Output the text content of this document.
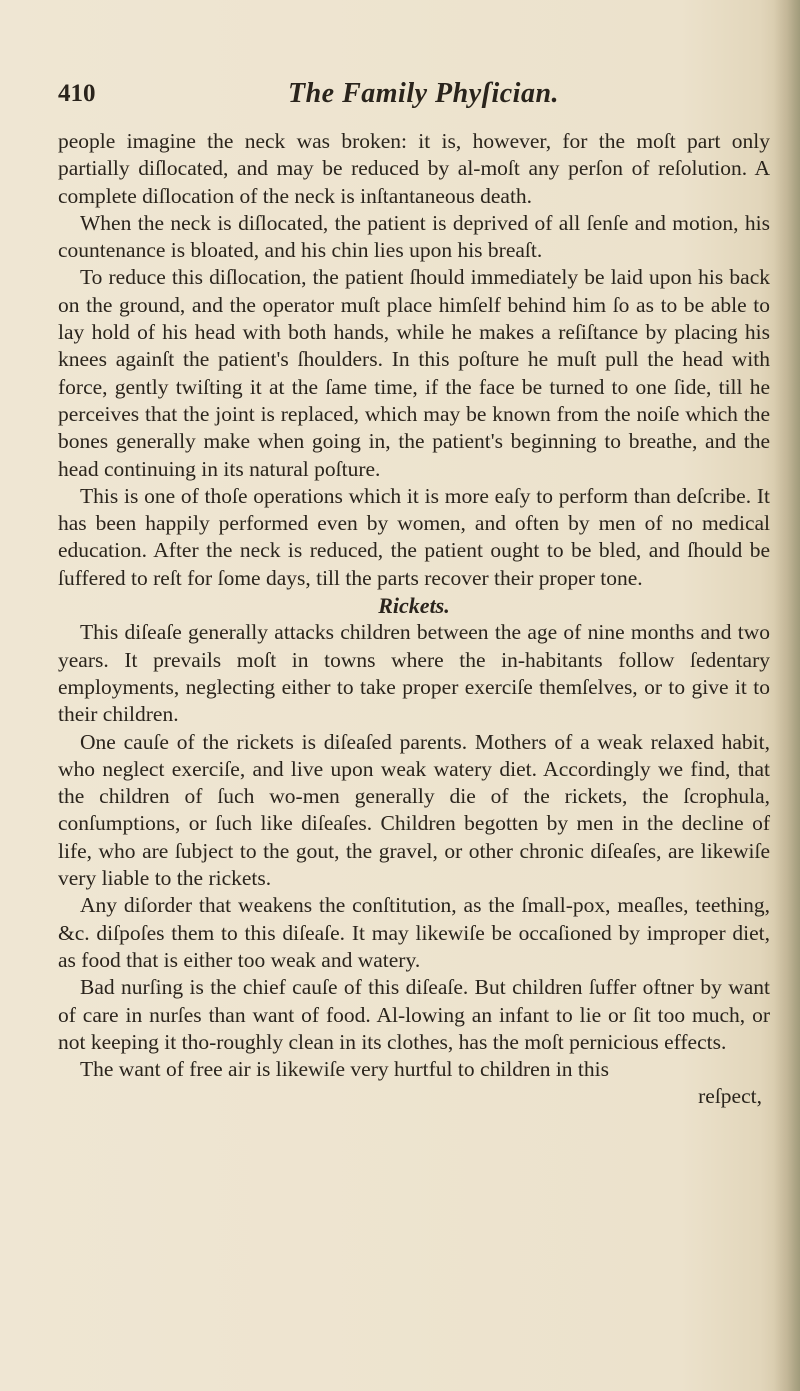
410	The Family Phyſician.

people imagine the neck was broken: it is, however, for the moſt part only partially diſlocated, and may be reduced by al-moſt any perſon of reſolution. A complete diſlocation of the neck is inſtantaneous death.

When the neck is diſlocated, the patient is deprived of all ſenſe and motion, his countenance is bloated, and his chin lies upon his breaſt.

To reduce this diſlocation, the patient ſhould immediately be laid upon his back on the ground, and the operator muſt place himſelf behind him ſo as to be able to lay hold of his head with both hands, while he makes a reſiſtance by placing his knees againſt the patient's ſhoulders. In this poſture he muſt pull the head with force, gently twiſting it at the ſame time, if the face be turned to one ſide, till he perceives that the joint is replaced, which may be known from the noiſe which the bones generally make when going in, the patient's beginning to breathe, and the head continuing in its natural poſture.

This is one of thoſe operations which it is more eaſy to perform than deſcribe. It has been happily performed even by women, and often by men of no medical education. After the neck is reduced, the patient ought to be bled, and ſhould be ſuffered to reſt for ſome days, till the parts recover their proper tone.

Rickets.

This diſeaſe generally attacks children between the age of nine months and two years. It prevails moſt in towns where the in-habitants follow ſedentary employments, neglecting either to take proper exerciſe themſelves, or to give it to their children.

One cauſe of the rickets is diſeaſed parents. Mothers of a weak relaxed habit, who neglect exerciſe, and live upon weak watery diet. Accordingly we find, that the children of ſuch wo-men generally die of the rickets, the ſcrophula, conſumptions, or ſuch like diſeaſes. Children begotten by men in the decline of life, who are ſubject to the gout, the gravel, or other chronic diſeaſes, are likewiſe very liable to the rickets.

Any diſorder that weakens the conſtitution, as the ſmall-pox, meaſles, teething, &c. diſpoſes them to this diſeaſe. It may likewiſe be occaſioned by improper diet, as food that is either too weak and watery.

Bad nurſing is the chief cauſe of this diſeaſe. But children ſuffer oftner by want of care in nurſes than want of food. Al-lowing an infant to lie or ſit too much, or not keeping it tho-roughly clean in its clothes, has the moſt pernicious effects.

The want of free air is likewiſe very hurtful to children in this

reſpect,
